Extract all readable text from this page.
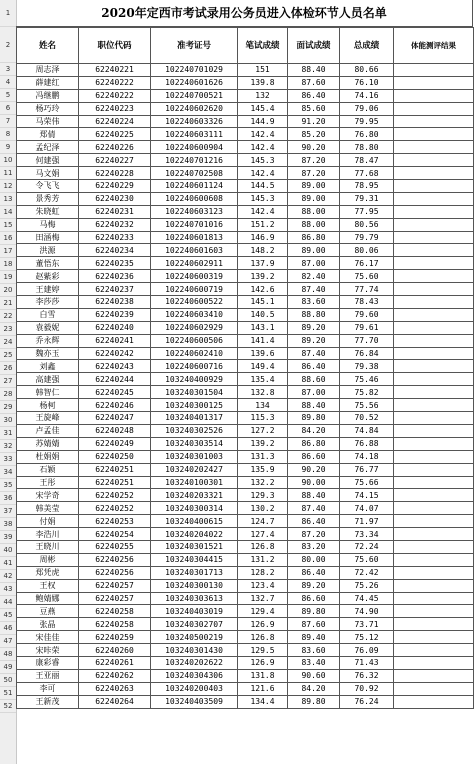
1
2
3
4
5
6
7
8
9
10
11
12
13
14
15
16
17
18
19
20
21
22
23
24
25
26
27
28
29
30
31
32
33
34
35
36
37
38
39
40
41
42
43
44
45
46
47
48
49
50
51
52
2020年定西市考试录用公务员进入体检环节人员名单
姓名	职位代码	准考证号	笔试成绩	面试成绩	总成绩	体能测评结果
周志泽	62240221	102240701029	151	88.40	80.66	
薛建红	62240222	102240601626	139.8	87.60	76.10	
冯继鹏	62240222	102240700521	132	86.40	74.16	
杨巧玲	62240223	102240602620	145.4	85.60	79.06	
马荣伟	62240224	102240603326	144.9	91.20	79.95	
郑倩	62240225	102240603111	142.4	85.20	76.80	
孟纪泽	62240226	102240600904	142.4	90.20	78.80	
何建强	62240227	102240701216	145.3	87.20	78.47	
马文娟	62240228	102240702508	142.4	87.20	77.68	
令飞飞	62240229	102240601124	144.5	89.00	78.95	
景秀芳	62240230	102240600608	145.3	89.00	79.31	
朱晓虹	62240231	102240603123	142.4	88.00	77.95	
马梅	62240232	102240701016	151.2	88.00	80.56	
田涵梅	62240233	102240601813	146.9	86.80	79.79	
洪源	62240234	102240601603	148.2	89.00	80.06	
董悟东	62240235	102240602911	137.9	87.00	76.17	
赵紫彩	62240236	102240600319	139.2	82.40	75.60	
王建婷	62240237	102240600719	142.6	87.40	77.74	
李莎莎	62240238	102240600522	145.1	83.60	78.43	
白雪	62240239	102240603410	140.5	88.80	79.60	
袁毅妮	62240240	102240602929	143.1	89.20	79.61	
乔永辉	62240241	102240600506	141.4	89.20	77.70	
魏亦玉	62240242	102240602410	139.6	87.40	76.84	
刘鑫	62240243	102240600716	149.4	86.40	79.38	
高建强	62240244	103240400929	135.4	88.60	75.46	
韩智仁	62240245	103240301504	132.8	87.00	75.82	
杨柯	62240246	103240300125	134	88.40	75.56	
王旋峰	62240247	103240401317	115.3	89.80	70.52	
卢孟佳	62240248	103240302526	127.2	84.20	74.84	
苏婧婧	62240249	103240303514	139.2	86.80	76.88	
杜娟娟	62240250	103240301003	131.3	86.60	74.18	
石颖	62240251	103240202427	135.9	90.20	76.77	
王彤	62240251	103240100301	132.2	90.00	75.66	
宋学奇	62240252	103240203321	129.3	88.40	74.15	
韩美莹	62240252	103240300314	130.2	87.40	74.07	
付娟	62240253	103240400615	124.7	86.40	71.97	
李浩川	62240254	103240204022	127.4	87.20	73.34	
王晓川	62240255	103240301521	126.8	83.20	72.24	
周彬	62240256	103240304415	131.2	80.00	75.60	
郑凭虎	62240256	103240301713	128.2	86.40	72.42	
王权	62240257	103240300130	123.4	89.20	75.26	
鲍婧娜	62240257	103240303613	132.7	86.60	74.45	
豆燕	62240258	103240403019	129.4	89.80	74.90	
张晶	62240258	103240302707	126.9	87.60	73.71	
宋佳佳	62240259	103240500219	126.8	89.40	75.12	
宋咔荣	62240260	103240301430	129.5	83.60	76.09	
康彩睿	62240261	103240202622	126.9	83.40	71.43	
王亚丽	62240262	103240304306	131.8	90.60	76.32	
李可	62240263	103240200403	121.6	84.20	70.92	
王新茂	62240264	103240403509	134.4	89.80	76.24	
